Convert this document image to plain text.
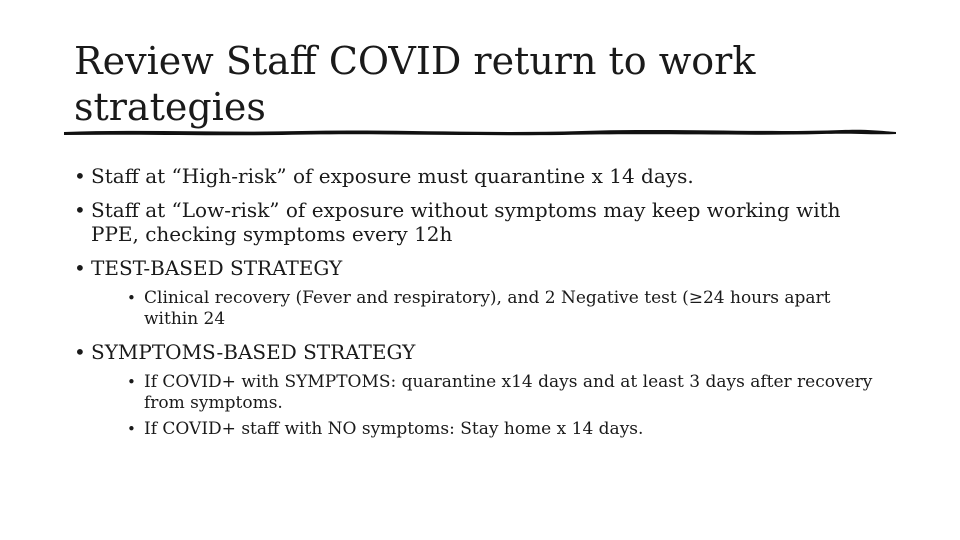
Review Staff COVID return to work strategies
• Staff at “High-risk” of exposure must quarantine x 14 days.
• Staff at “Low-risk” of exposure without symptoms may keep working with PPE, checking symptoms every 12h
• TEST-BASED STRATEGY
• Clinical recovery (Fever and respiratory), and 2 Negative test (≥24 hours apart within 24
• SYMPTOMS-BASED STRATEGY
• If COVID+ with SYMPTOMS: quarantine x14 days and at least 3 days after recovery from symptoms.
• If COVID+ staff with NO symptoms: Stay home x 14 days.
